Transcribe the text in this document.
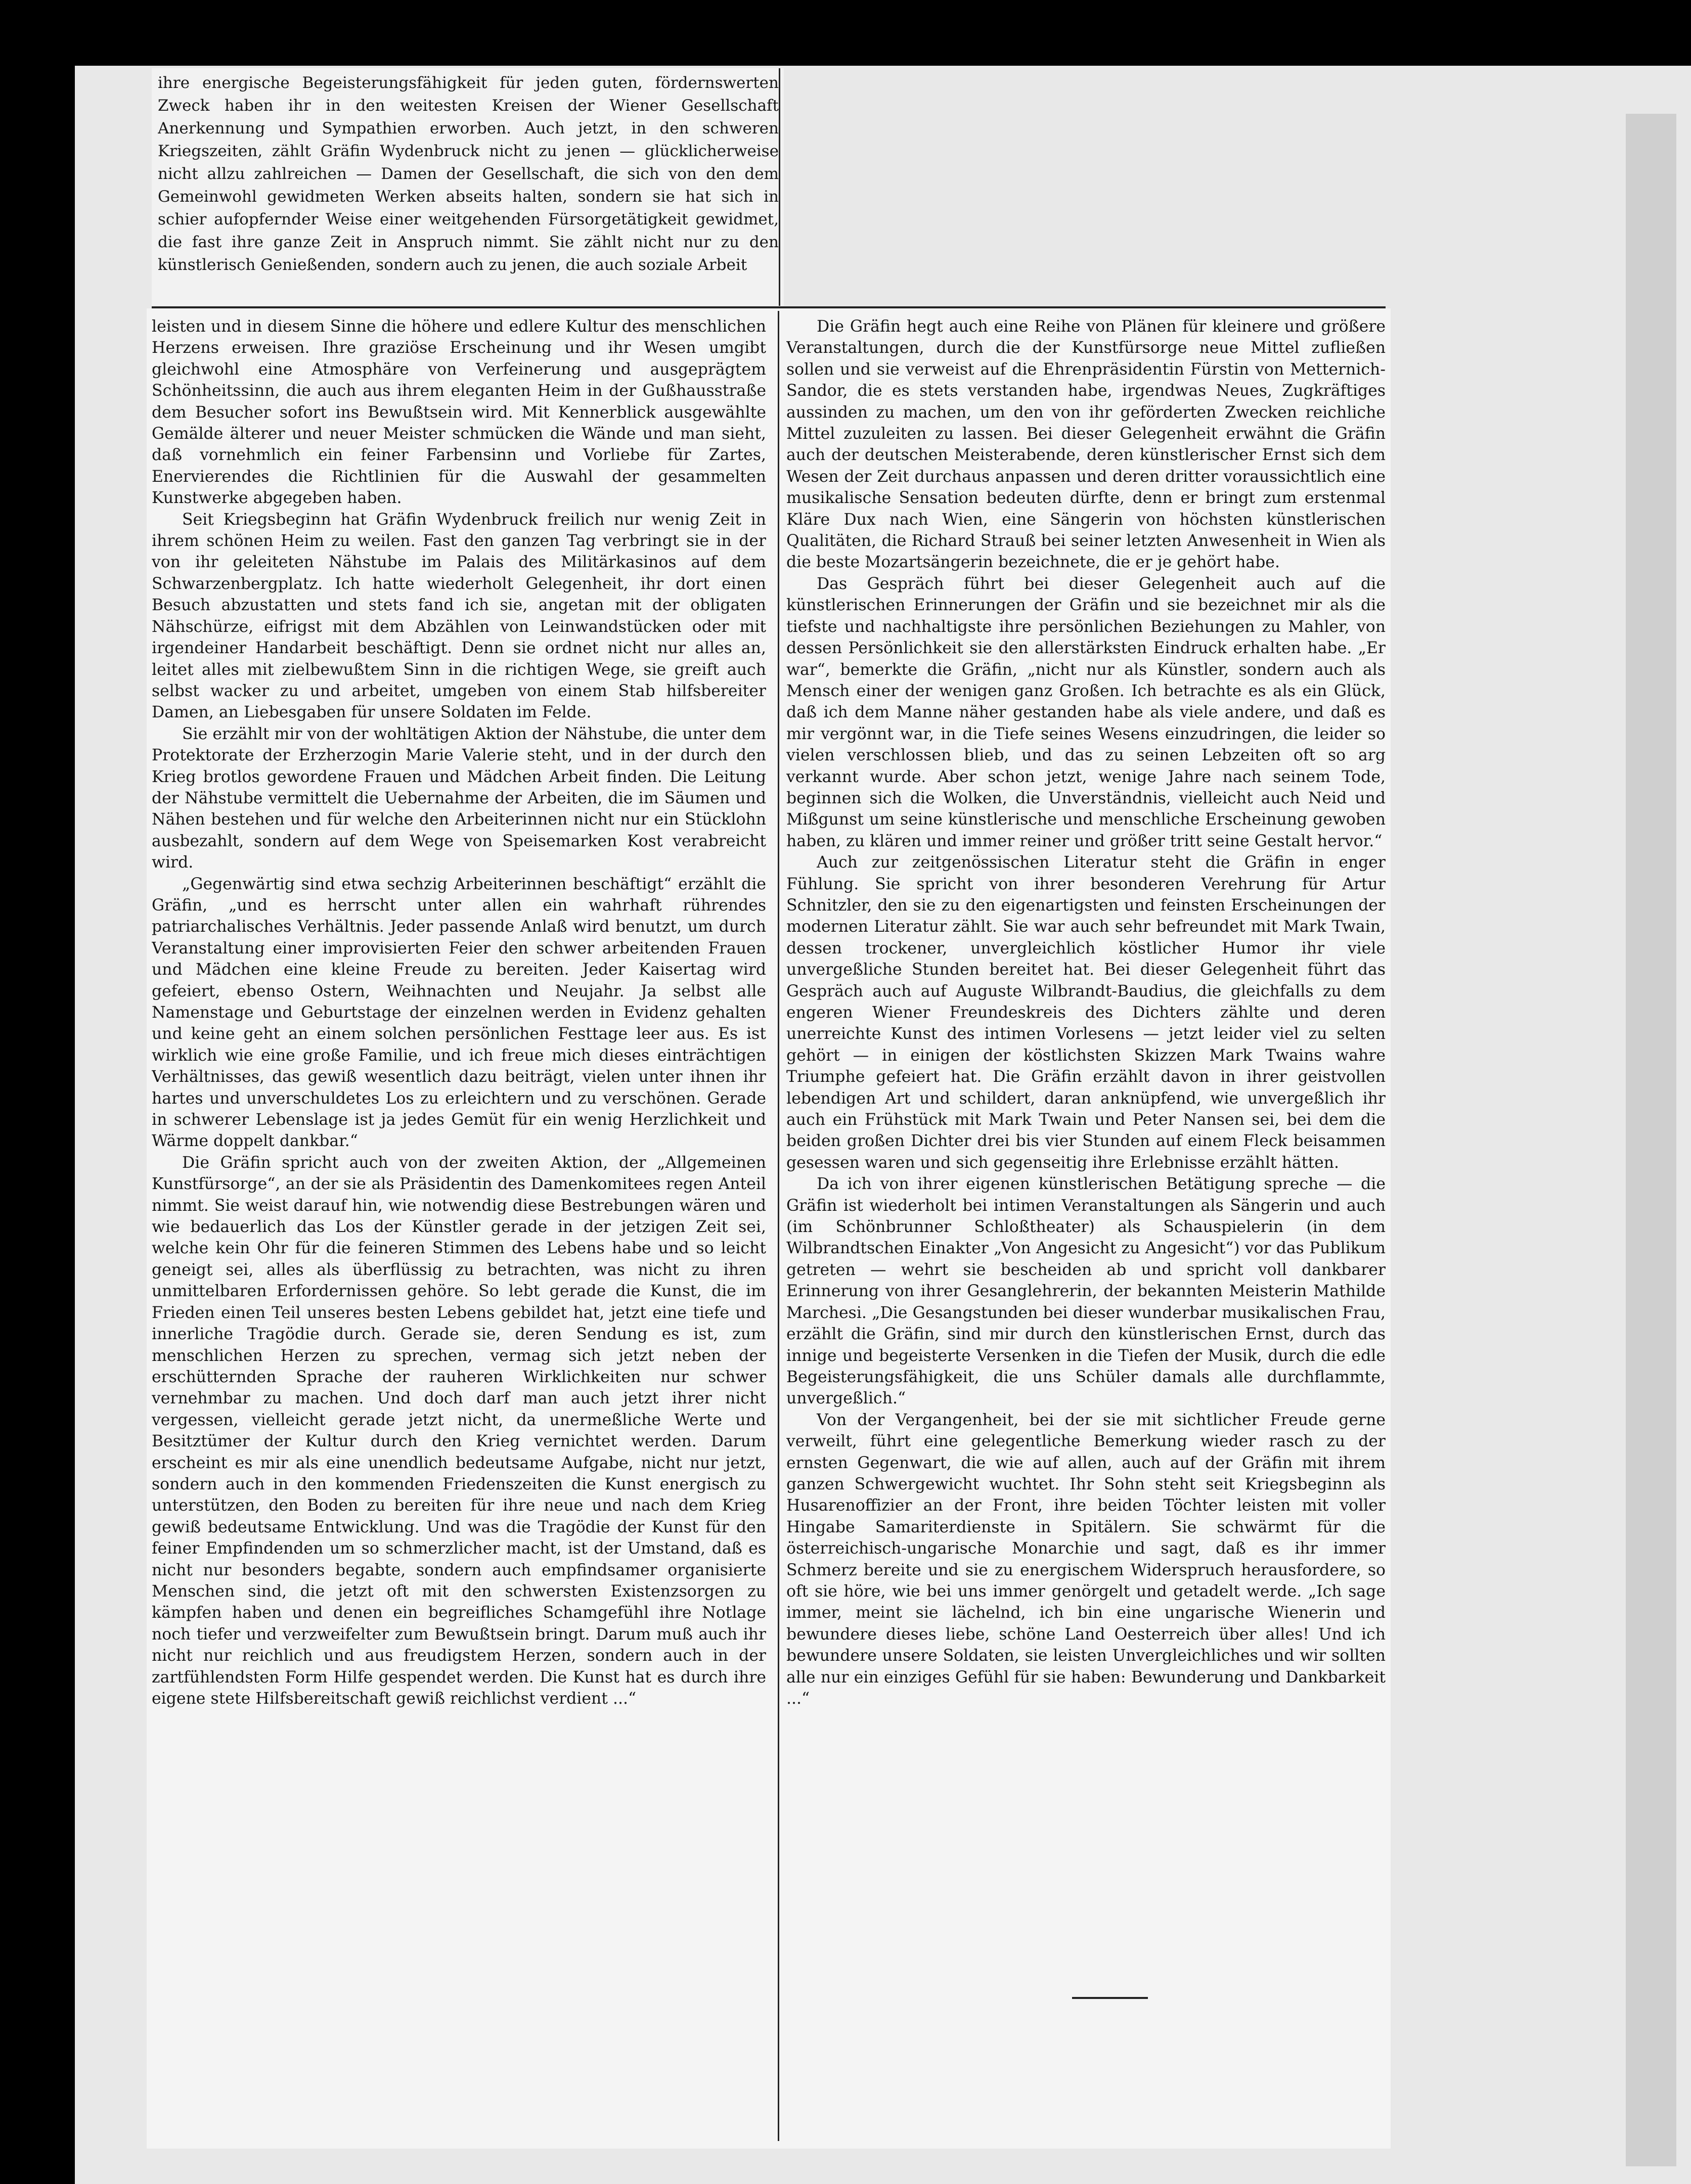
ihre energische Begeisterungsfähigkeit für jeden guten, fördernswerten Zweck haben ihr in den weitesten Kreisen der Wiener Gesellschaft Anerkennung und Sympathien erworben. Auch jetzt, in den schweren Kriegszeiten, zählt Gräfin Wydenbruck nicht zu jenen — glücklicherweise nicht allzu zahlreichen — Damen der Gesellschaft, die sich von den dem Gemeinwohl gewidmeten Werken abseits halten, sondern sie hat sich in schier aufopfernder Weise einer weitgehenden Fürsorgetätigkeit gewidmet, die fast ihre ganze Zeit in Anspruch nimmt. Sie zählt nicht nur zu den künstlerisch Genießenden, sondern auch zu jenen, die auch soziale Arbeit

leisten und in diesem Sinne die höhere und edlere Kultur des menschlichen Herzens erweisen. Ihre graziöse Erscheinung und ihr Wesen umgibt gleichwohl eine Atmosphäre von Verfeinerung und ausgeprägtem Schönheitssinn, die auch aus ihrem eleganten Heim in der Gußhausstraße dem Besucher sofort ins Bewußtsein wird. Mit Kennerblick ausgewählte Gemälde älterer und neuer Meister schmücken die Wände und man sieht, daß vornehmlich ein feiner Farbensinn und Vorliebe für Zartes, Enervierendes die Richtlinien für die Auswahl der gesammelten Kunstwerke abgegeben haben.

Seit Kriegsbeginn hat Gräfin Wydenbruck freilich nur wenig Zeit in ihrem schönen Heim zu weilen. Fast den ganzen Tag verbringt sie in der von ihr geleiteten Nähstube im Palais des Militärkasinos auf dem Schwarzenbergplatz. Ich hatte wiederholt Gelegenheit, ihr dort einen Besuch abzustatten und stets fand ich sie, angetan mit der obligaten Nähschürze, eifrigst mit dem Abzählen von Leinwandstücken oder mit irgendeiner Handarbeit beschäftigt. Denn sie ordnet nicht nur alles an, leitet alles mit zielbewußtem Sinn in die richtigen Wege, sie greift auch selbst wacker zu und arbeitet, umgeben von einem Stab hilfsbereiter Damen, an Liebesgaben für unsere Soldaten im Felde.

Sie erzählt mir von der wohltätigen Aktion der Nähstube, die unter dem Protektorate der Erzherzogin Marie Valerie steht, und in der durch den Krieg brotlos gewordene Frauen und Mädchen Arbeit finden. Die Leitung der Nähstube vermittelt die Uebernahme der Arbeiten, die im Säumen und Nähen bestehen und für welche den Arbeiterinnen nicht nur ein Stücklohn ausbezahlt, sondern auf dem Wege von Speisemarken Kost verabreicht wird.

„Gegenwärtig sind etwa sechzig Arbeiterinnen beschäftigt“ erzählt die Gräfin, „und es herrscht unter allen ein wahrhaft rührendes patriarchalisches Verhältnis. Jeder passende Anlaß wird benutzt, um durch Veranstaltung einer improvisierten Feier den schwer arbeitenden Frauen und Mädchen eine kleine Freude zu bereiten. Jeder Kaisertag wird gefeiert, ebenso Ostern, Weihnachten und Neujahr. Ja selbst alle Namenstage und Geburtstage der einzelnen werden in Evidenz gehalten und keine geht an einem solchen persönlichen Festtage leer aus. Es ist wirklich wie eine große Familie, und ich freue mich dieses einträchtigen Verhältnisses, das gewiß wesentlich dazu beiträgt, vielen unter ihnen ihr hartes und unverschuldetes Los zu erleichtern und zu verschönen. Gerade in schwerer Lebenslage ist ja jedes Gemüt für ein wenig Herzlichkeit und Wärme doppelt dankbar.“

Die Gräfin spricht auch von der zweiten Aktion, der „Allgemeinen Kunstfürsorge“, an der sie als Präsidentin des Damenkomitees regen Anteil nimmt. Sie weist darauf hin, wie notwendig diese Bestrebungen wären und wie bedauerlich das Los der Künstler gerade in der jetzigen Zeit sei, welche kein Ohr für die feineren Stimmen des Lebens habe und so leicht geneigt sei, alles als überflüssig zu betrachten, was nicht zu ihren unmittelbaren Erfordernissen gehöre. So lebt gerade die Kunst, die im Frieden einen Teil unseres besten Lebens gebildet hat, jetzt eine tiefe und innerliche Tragödie durch. Gerade sie, deren Sendung es ist, zum menschlichen Herzen zu sprechen, vermag sich jetzt neben der erschütternden Sprache der rauheren Wirklichkeiten nur schwer vernehmbar zu machen. Und doch darf man auch jetzt ihrer nicht vergessen, vielleicht gerade jetzt nicht, da unermeßliche Werte und Besitztümer der Kultur durch den Krieg vernichtet werden. Darum erscheint es mir als eine unendlich bedeutsame Aufgabe, nicht nur jetzt, sondern auch in den kommenden Friedenszeiten die Kunst energisch zu unterstützen, den Boden zu bereiten für ihre neue und nach dem Krieg gewiß bedeutsame Entwicklung. Und was die Tragödie der Kunst für den feiner Empfindenden um so schmerzlicher macht, ist der Umstand, daß es nicht nur besonders begabte, sondern auch empfindsamer organisierte Menschen sind, die jetzt oft mit den schwersten Existenzsorgen zu kämpfen haben und denen ein begreifliches Schamgefühl ihre Notlage noch tiefer und verzweifelter zum Bewußtsein bringt. Darum muß auch ihr nicht nur reichlich und aus freudigstem Herzen, sondern auch in der zartfühlendsten Form Hilfe gespendet werden. Die Kunst hat es durch ihre eigene stete Hilfsbereitschaft gewiß reichlichst verdient ...“

Die Gräfin hegt auch eine Reihe von Plänen für kleinere und größere Veranstaltungen, durch die der Kunstfürsorge neue Mittel zufließen sollen und sie verweist auf die Ehrenpräsidentin Fürstin von Metternich-Sandor, die es stets verstanden habe, irgendwas Neues, Zugkräftiges aussinden zu machen, um den von ihr geförderten Zwecken reichliche Mittel zuzuleiten zu lassen. Bei dieser Gelegenheit erwähnt die Gräfin auch der deutschen Meisterabende, deren künstlerischer Ernst sich dem Wesen der Zeit durchaus anpassen und deren dritter voraussichtlich eine musikalische Sensation bedeuten dürfte, denn er bringt zum erstenmal Kläre Dux nach Wien, eine Sängerin von höchsten künstlerischen Qualitäten, die Richard Strauß bei seiner letzten Anwesenheit in Wien als die beste Mozartsängerin bezeichnete, die er je gehört habe.

Das Gespräch führt bei dieser Gelegenheit auch auf die künstlerischen Erinnerungen der Gräfin und sie bezeichnet mir als die tiefste und nachhaltigste ihre persönlichen Beziehungen zu Mahler, von dessen Persönlichkeit sie den allerstärksten Eindruck erhalten habe. „Er war“, bemerkte die Gräfin, „nicht nur als Künstler, sondern auch als Mensch einer der wenigen ganz Großen. Ich betrachte es als ein Glück, daß ich dem Manne näher gestanden habe als viele andere, und daß es mir vergönnt war, in die Tiefe seines Wesens einzudringen, die leider so vielen verschlossen blieb, und das zu seinen Lebzeiten oft so arg verkannt wurde. Aber schon jetzt, wenige Jahre nach seinem Tode, beginnen sich die Wolken, die Unverständnis, vielleicht auch Neid und Mißgunst um seine künstlerische und menschliche Erscheinung gewoben haben, zu klären und immer reiner und größer tritt seine Gestalt hervor.“

Auch zur zeitgenössischen Literatur steht die Gräfin in enger Fühlung. Sie spricht von ihrer besonderen Verehrung für Artur Schnitzler, den sie zu den eigenartigsten und feinsten Erscheinungen der modernen Literatur zählt. Sie war auch sehr befreundet mit Mark Twain, dessen trockener, unvergleichlich köstlicher Humor ihr viele unvergeßliche Stunden bereitet hat. Bei dieser Gelegenheit führt das Gespräch auch auf Auguste Wilbrandt-Baudius, die gleichfalls zu dem engeren Wiener Freundeskreis des Dichters zählte und deren unerreichte Kunst des intimen Vorlesens — jetzt leider viel zu selten gehört — in einigen der köstlichsten Skizzen Mark Twains wahre Triumphe gefeiert hat. Die Gräfin erzählt davon in ihrer geistvollen lebendigen Art und schildert, daran anknüpfend, wie unvergeßlich ihr auch ein Frühstück mit Mark Twain und Peter Nansen sei, bei dem die beiden großen Dichter drei bis vier Stunden auf einem Fleck beisammen gesessen waren und sich gegenseitig ihre Erlebnisse erzählt hätten.

Da ich von ihrer eigenen künstlerischen Betätigung spreche — die Gräfin ist wiederholt bei intimen Veranstaltungen als Sängerin und auch (im Schönbrunner Schloßtheater) als Schauspielerin (in dem Wilbrandtschen Einakter „Von Angesicht zu Angesicht“) vor das Publikum getreten — wehrt sie bescheiden ab und spricht voll dankbarer Erinnerung von ihrer Gesanglehrerin, der bekannten Meisterin Mathilde Marchesi. „Die Gesangstunden bei dieser wunderbar musikalischen Frau, erzählt die Gräfin, sind mir durch den künstlerischen Ernst, durch das innige und begeisterte Versenken in die Tiefen der Musik, durch die edle Begeisterungsfähigkeit, die uns Schüler damals alle durchflammte, unvergeßlich.“

Von der Vergangenheit, bei der sie mit sichtlicher Freude gerne verweilt, führt eine gelegentliche Bemerkung wieder rasch zu der ernsten Gegenwart, die wie auf allen, auch auf der Gräfin mit ihrem ganzen Schwergewicht wuchtet. Ihr Sohn steht seit Kriegsbeginn als Husarenoffizier an der Front, ihre beiden Töchter leisten mit voller Hingabe Samariterdienste in Spitälern. Sie schwärmt für die österreichisch-ungarische Monarchie und sagt, daß es ihr immer Schmerz bereite und sie zu energischem Widerspruch herausfordere, so oft sie höre, wie bei uns immer genörgelt und getadelt werde. „Ich sage immer, meint sie lächelnd, ich bin eine ungarische Wienerin und bewundere dieses liebe, schöne Land Oesterreich über alles! Und ich bewundere unsere Soldaten, sie leisten Unvergleichliches und wir sollten alle nur ein einziges Gefühl für sie haben: Bewunderung und Dankbarkeit ...“
